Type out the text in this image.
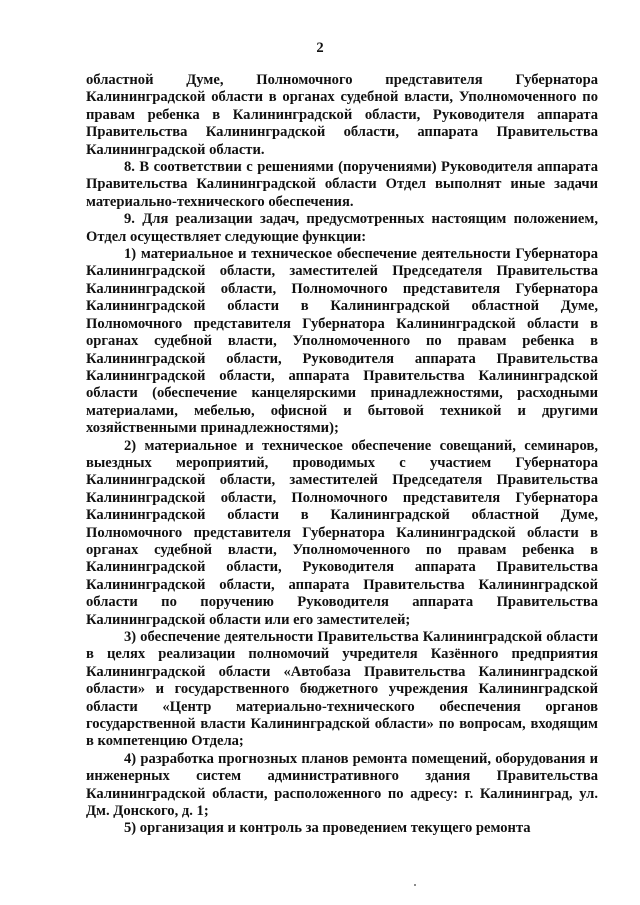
2

областной Думе, Полномочного представителя Губернатора Калининградской области в органах судебной власти, Уполномоченного по правам ребенка в Калининградской области, Руководителя аппарата Правительства Калининградской области, аппарата Правительства Калининградской области.

8. В соответствии с решениями (поручениями) Руководителя аппарата Правительства Калининградской области Отдел выполнят иные задачи материально-технического обеспечения.

9. Для реализации задач, предусмотренных настоящим положением, Отдел осуществляет следующие функции:

1) материальное и техническое обеспечение деятельности Губернатора Калининградской области, заместителей Председателя Правительства Калининградской области, Полномочного представителя Губернатора Калининградской области в Калининградской областной Думе, Полномочного представителя Губернатора Калининградской области в органах судебной власти, Уполномоченного по правам ребенка в Калининградской области, Руководителя аппарата Правительства Калининградской области, аппарата Правительства Калининградской области (обеспечение канцелярскими принадлежностями, расходными материалами, мебелью, офисной и бытовой техникой и другими хозяйственными принадлежностями);

2) материальное и техническое обеспечение совещаний, семинаров, выездных мероприятий, проводимых с участием Губернатора Калининградской области, заместителей Председателя Правительства Калининградской области, Полномочного представителя Губернатора Калининградской области в Калининградской областной Думе, Полномочного представителя Губернатора Калининградской области в органах судебной власти, Уполномоченного по правам ребенка в Калининградской области, Руководителя аппарата Правительства Калининградской области, аппарата Правительства Калининградской области по поручению Руководителя аппарата Правительства Калининградской области или его заместителей;

3) обеспечение деятельности Правительства Калининградской области в целях реализации полномочий учредителя Казённого предприятия Калининградской области «Автобаза Правительства Калининградской области» и государственного бюджетного учреждения Калининградской области «Центр материально-технического обеспечения органов государственной власти Калининградской области» по вопросам, входящим в компетенцию Отдела;

4) разработка прогнозных планов ремонта помещений, оборудования и инженерных систем административного здания Правительства Калининградской области, расположенного по адресу: г. Калининград, ул. Дм. Донского, д. 1;

5) организация и контроль за проведением текущего ремонта
